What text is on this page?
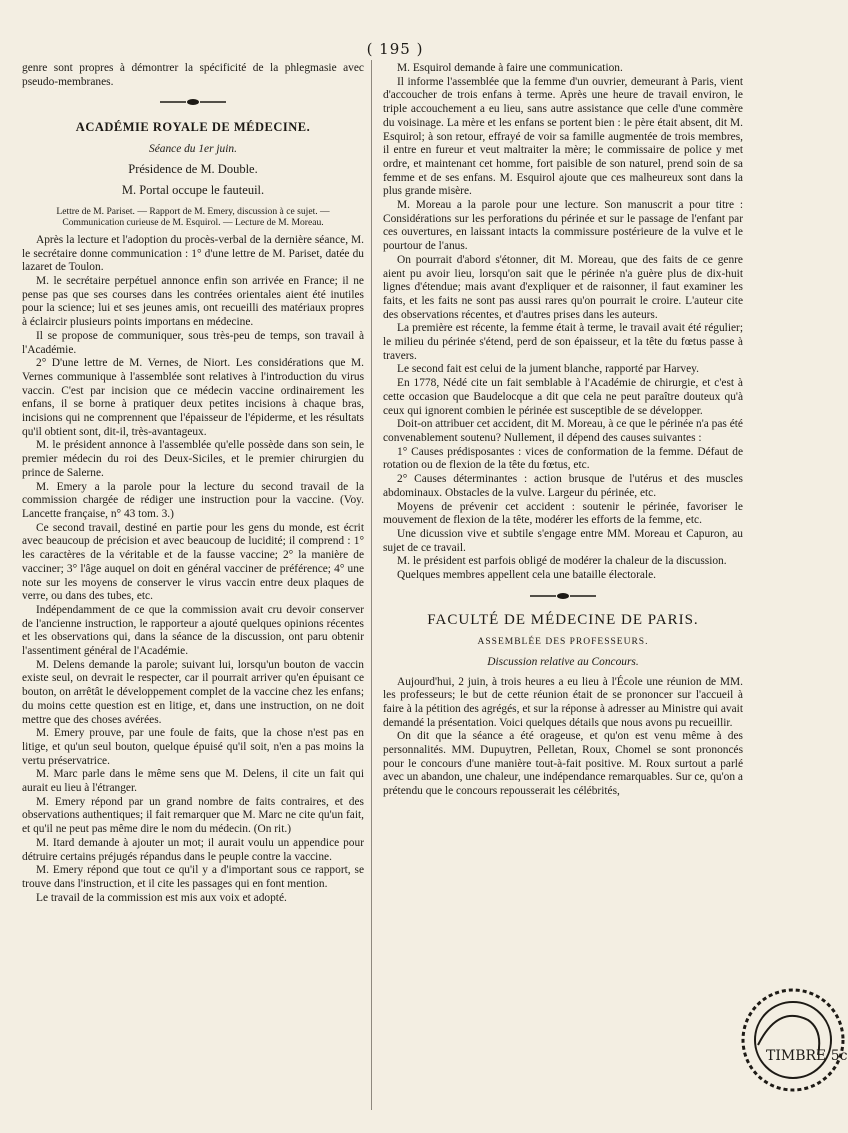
( 195 )

genre sont propres à démontrer la spécificité de la phlegmasie avec pseudo-membranes.

ACADÉMIE ROYALE DE MÉDECINE.
Séance du 1er juin.
Présidence de M. Double.
M. Portal occupe le fauteuil.
Lettre de M. Pariset. — Rapport de M. Emery, discussion à ce sujet. — Communication curieuse de M. Esquirol. — Lecture de M. Moreau.

Après la lecture et l'adoption du procès-verbal de la dernière séance, M. le secrétaire donne communication : 1° d'une lettre de M. Pariset, datée du lazaret de Toulon.

M. le secrétaire perpétuel annonce enfin son arrivée en France; il ne pense pas que ses courses dans les contrées orientales aient été inutiles pour la science; lui et ses jeunes amis, ont recueilli des matériaux propres à éclaircir plusieurs points importans en médecine.

Il se propose de communiquer, sous très-peu de temps, son travail à l'Académie.

2° D'une lettre de M. Vernes, de Niort. Les considérations que M. Vernes communique à l'assemblée sont relatives à l'introduction du virus vaccin. C'est par incision que ce médecin vaccine ordinairement les enfans, il se borne à pratiquer deux petites incisions à chaque bras, incisions qui ne comprennent que l'épaisseur de l'épiderme, et les résultats qu'il obtient sont, dit-il, très-avantageux.

M. le président annonce à l'assemblée qu'elle possède dans son sein, le premier médecin du roi des Deux-Siciles, et le premier chirurgien du prince de Salerne.

M. Emery a la parole pour la lecture du second travail de la commission chargée de rédiger une instruction pour la vaccine. (Voy. Lancette française, n° 43 tom. 3.)

Ce second travail, destiné en partie pour les gens du monde, est écrit avec beaucoup de précision et avec beaucoup de lucidité; il comprend : 1° les caractères de la véritable et de la fausse vaccine; 2° la manière de vacciner; 3° l'âge auquel on doit en général vacciner de préférence; 4° une note sur les moyens de conserver le virus vaccin entre deux plaques de verre, ou dans des tubes, etc.

Indépendamment de ce que la commission avait cru devoir conserver de l'ancienne instruction, le rapporteur a ajouté quelques opinions récentes et les observations qui, dans la séance de la discussion, ont paru obtenir l'assentiment général de l'Académie.

M. Delens demande la parole; suivant lui, lorsqu'un bouton de vaccin existe seul, on devrait le respecter, car il pourrait arriver qu'en épuisant ce bouton, on arrêtât le développement complet de la vaccine chez les enfans; du moins cette question est en litige, et, dans une instruction, on ne doit mettre que des choses avérées.

M. Emery prouve, par une foule de faits, que la chose n'est pas en litige, et qu'un seul bouton, quelque épuisé qu'il soit, n'en a pas moins la vertu préservatrice.

M. Marc parle dans le même sens que M. Delens, il cite un fait qui aurait eu lieu à l'étranger.

M. Emery répond par un grand nombre de faits contraires, et des observations authentiques; il fait remarquer que M. Marc ne cite qu'un fait, et qu'il ne peut pas même dire le nom du médecin. (On rit.)

M. Itard demande à ajouter un mot; il aurait voulu un appendice pour détruire certains préjugés répandus dans le peuple contre la vaccine.

M. Emery répond que tout ce qu'il y a d'important sous ce rapport, se trouve dans l'instruction, et il cite les passages qui en font mention.

Le travail de la commission est mis aux voix et adopté.

M. Esquirol demande à faire une communication.

Il informe l'assemblée que la femme d'un ouvrier, demeurant à Paris, vient d'accoucher de trois enfans à terme. Après une heure de travail environ, le triple accouchement a eu lieu, sans autre assistance que celle d'une commère du voisinage. La mère et les enfans se portent bien : le père était absent, dit M. Esquirol; à son retour, effrayé de voir sa famille augmentée de trois membres, il entre en fureur et veut maltraiter la mère; le commissaire de police y met ordre, et maintenant cet homme, fort paisible de son naturel, prend soin de sa femme et de ses enfans. M. Esquirol ajoute que ces malheureux sont dans la plus grande misère.

M. Moreau a la parole pour une lecture. Son manuscrit a pour titre : Considérations sur les perforations du périnée et sur le passage de l'enfant par ces ouvertures, en laissant intacts la commissure postérieure de la vulve et le pourtour de l'anus.

On pourrait d'abord s'étonner, dit M. Moreau, que des faits de ce genre aient pu avoir lieu, lorsqu'on sait que le périnée n'a guère plus de dix-huit lignes d'étendue; mais avant d'expliquer et de raisonner, il faut examiner les faits, et les faits ne sont pas aussi rares qu'on pourrait le croire. L'auteur cite des observations récentes, et d'autres prises dans les auteurs.

La première est récente, la femme était à terme, le travail avait été régulier; le milieu du périnée s'étend, perd de son épaisseur, et la tête du fœtus passe à travers.

Le second fait est celui de la jument blanche, rapporté par Harvey.

En 1778, Nédé cite un fait semblable à l'Académie de chirurgie, et c'est à cette occasion que Baudelocque a dit que cela ne peut paraître douteux qu'à ceux qui ignorent combien le périnée est susceptible de se développer.

Doit-on attribuer cet accident, dit M. Moreau, à ce que le périnée n'a pas été convenablement soutenu? Nullement, il dépend des causes suivantes :

1° Causes prédisposantes : vices de conformation de la femme. Défaut de rotation ou de flexion de la tête du fœtus, etc.

2° Causes déterminantes : action brusque de l'utérus et des muscles abdominaux. Obstacles de la vulve. Largeur du périnée, etc.

Moyens de prévenir cet accident : soutenir le périnée, favoriser le mouvement de flexion de la tête, modérer les efforts de la femme, etc.

Une dicussion vive et subtile s'engage entre MM. Moreau et Capuron, au sujet de ce travail.

M. le président est parfois obligé de modérer la chaleur de la discussion.

Quelques membres appellent cela une bataille électorale.

FACULTÉ DE MÉDECINE DE PARIS.
ASSEMBLÉE DES PROFESSEURS.
Discussion relative au Concours.

Aujourd'hui, 2 juin, à trois heures a eu lieu à l'École une réunion de MM. les professeurs; le but de cette réunion était de se prononcer sur l'accueil à faire à la pétition des agrégés, et sur la réponse à adresser au Ministre qui avait demandé la présentation. Voici quelques détails que nous avons pu recueillir.

On dit que la séance a été orageuse, et qu'on est venu même à des personnalités. MM. Dupuytren, Pelletan, Roux, Chomel se sont prononcés pour le concours d'une manière tout-à-fait positive. M. Roux surtout a parlé avec un abandon, une chaleur, une indépendance remarquables. Sur ce, qu'on a prétendu que le concours repousserait les célébrités,

TIMBRE 5c
